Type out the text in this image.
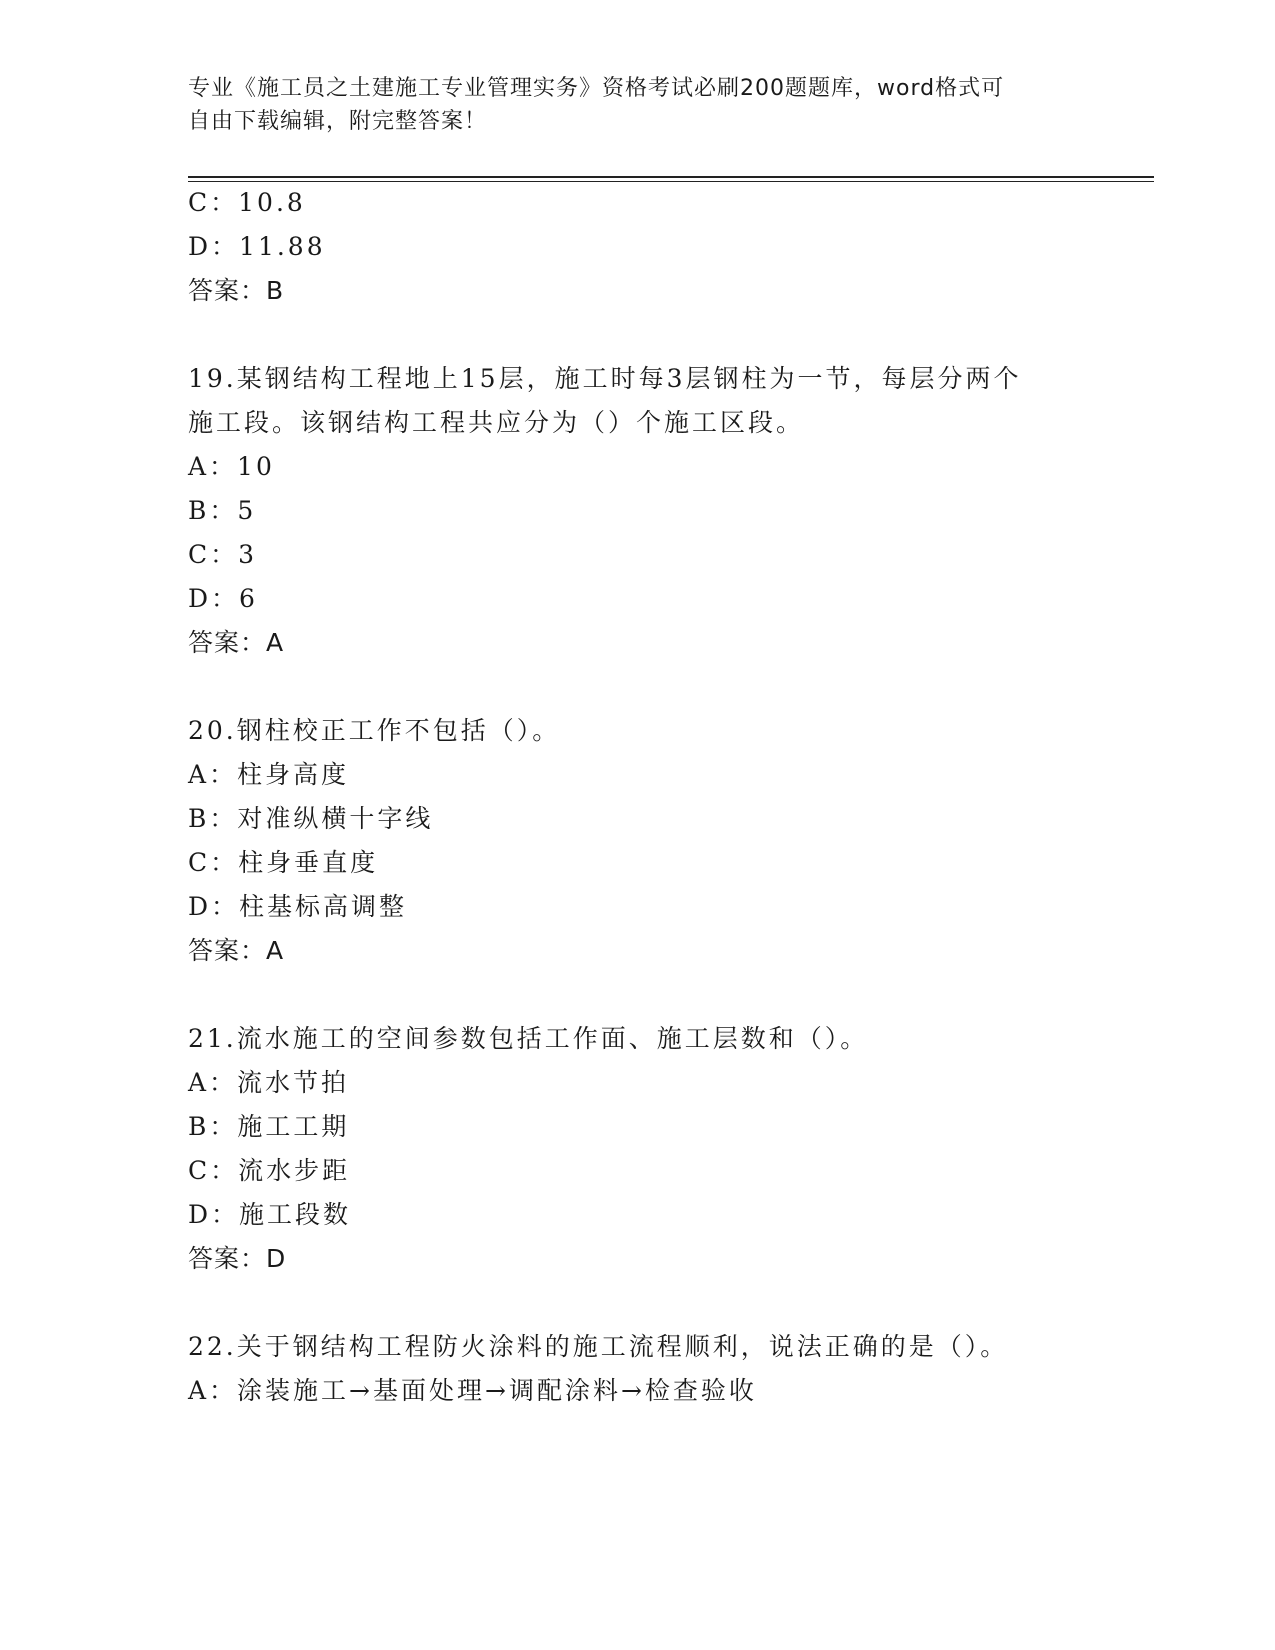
专业《施工员之土建施工专业管理实务》资格考试必刷200题题库，word格式可
自由下载编辑，附完整答案！
C：10.8
D：11.88
答案：B
19.某钢结构工程地上15层，施工时每3层钢柱为一节，每层分两个
施工段。该钢结构工程共应分为（）个施工区段。
A：10
B：5
C：3
D：6
答案：A
20.钢柱校正工作不包括（）。
A：柱身高度
B：对准纵横十字线
C：柱身垂直度
D：柱基标高调整
答案：A
21.流水施工的空间参数包括工作面、施工层数和（）。
A：流水节拍
B：施工工期
C：流水步距
D：施工段数
答案：D
22.关于钢结构工程防火涂料的施工流程顺利，说法正确的是（）。
A：涂装施工→基面处理→调配涂料→检查验收
